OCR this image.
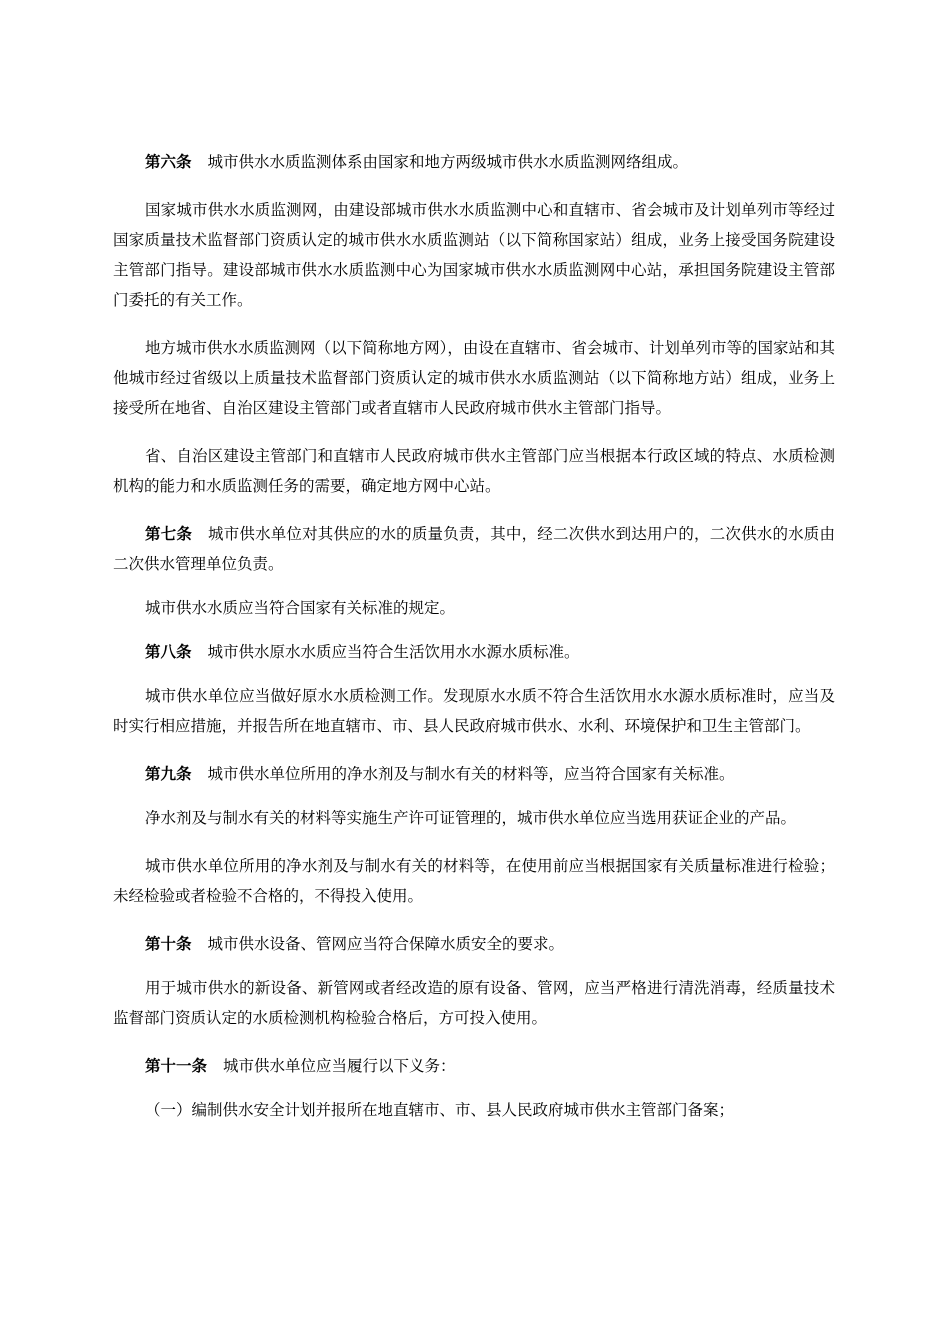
第六条 城市供水水质监测体系由国家和地方两级城市供水水质监测网络组成。

国家城市供水水质监测网，由建设部城市供水水质监测中心和直辖市、省会城市及计划单列市等经过国家质量技术监督部门资质认定的城市供水水质监测站（以下简称国家站）组成，业务上接受国务院建设主管部门指导。建设部城市供水水质监测中心为国家城市供水水质监测网中心站，承担国务院建设主管部门委托的有关工作。

地方城市供水水质监测网（以下简称地方网），由设在直辖市、省会城市、计划单列市等的国家站和其他城市经过省级以上质量技术监督部门资质认定的城市供水水质监测站（以下简称地方站）组成，业务上接受所在地省、自治区建设主管部门或者直辖市人民政府城市供水主管部门指导。

省、自治区建设主管部门和直辖市人民政府城市供水主管部门应当根据本行政区域的特点、水质检测机构的能力和水质监测任务的需要，确定地方网中心站。

第七条 城市供水单位对其供应的水的质量负责，其中，经二次供水到达用户的，二次供水的水质由二次供水管理单位负责。

城市供水水质应当符合国家有关标准的规定。

第八条 城市供水原水水质应当符合生活饮用水水源水质标准。

城市供水单位应当做好原水水质检测工作。发现原水水质不符合生活饮用水水源水质标准时，应当及时实行相应措施，并报告所在地直辖市、市、县人民政府城市供水、水利、环境保护和卫生主管部门。

第九条 城市供水单位所用的净水剂及与制水有关的材料等，应当符合国家有关标准。

净水剂及与制水有关的材料等实施生产许可证管理的，城市供水单位应当选用获证企业的产品。

城市供水单位所用的净水剂及与制水有关的材料等，在使用前应当根据国家有关质量标准进行检验；未经检验或者检验不合格的，不得投入使用。

第十条 城市供水设备、管网应当符合保障水质安全的要求。

用于城市供水的新设备、新管网或者经改造的原有设备、管网，应当严格进行清洗消毒，经质量技术监督部门资质认定的水质检测机构检验合格后，方可投入使用。

第十一条 城市供水单位应当履行以下义务：

（一）编制供水安全计划并报所在地直辖市、市、县人民政府城市供水主管部门备案；
